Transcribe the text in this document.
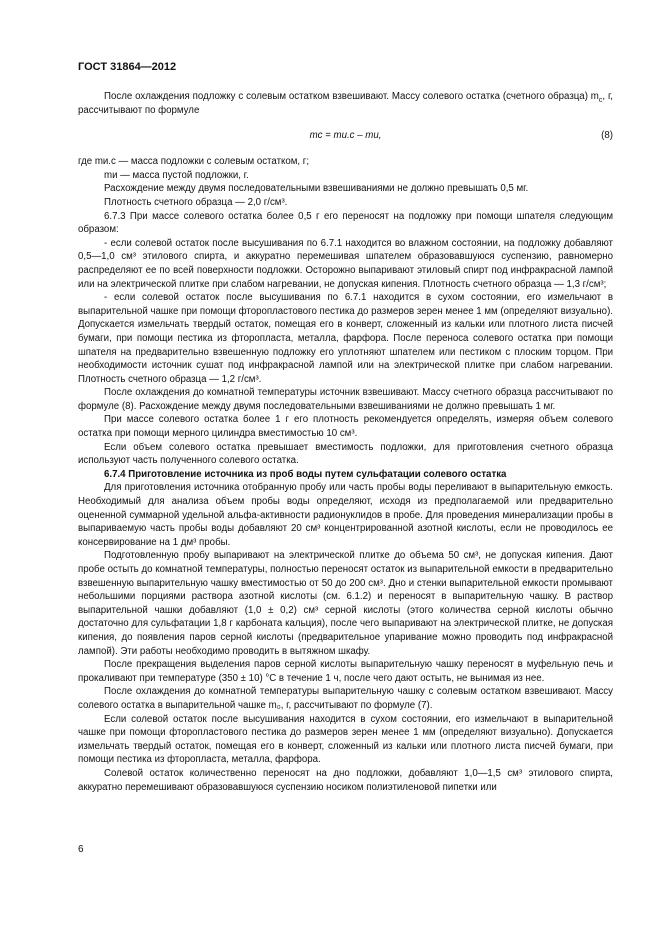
ГОСТ 31864—2012

После охлаждения подложку с солевым остатком взвешивают. Массу солевого остатка (счетного образца) $m_с$, г, рассчитывают по формуле

mс = mи.с – mи,	(8)

где mи.с — масса подложки с солевым остатком, г;

mи — масса пустой подложки, г.

Расхождение между двумя последовательными взвешиваниями не должно превышать 0,5 мг.

Плотность счетного образца — 2,0 г/см³.

6.7.3 При массе солевого остатка более 0,5 г его переносят на подложку при помощи шпателя следующим образом:

- если солевой остаток после высушивания по 6.7.1 находится во влажном состоянии, на подложку добавляют 0,5—1,0 см³ этилового спирта, и аккуратно перемешивая шпателем образовавшуюся суспензию, равномерно распределяют ее по всей поверхности подложки. Осторожно выпаривают этиловый спирт под инфракрасной лампой или на электрической плитке при слабом нагревании, не допуская кипения. Плотность счетного образца — 1,3 г/см³;

- если солевой остаток после высушивания по 6.7.1 находится в сухом состоянии, его измельчают в выпарительной чашке при помощи фторопластового пестика до размеров зерен менее 1 мм (определяют визуально). Допускается измельчать твердый остаток, помещая его в конверт, сложенный из кальки или плотного листа писчей бумаги, при помощи пестика из фторопласта, металла, фарфора. После переноса солевого остатка при помощи шпателя на предварительно взвешенную подложку его уплотняют шпателем или пестиком с плоским торцом. При необходимости источник сушат под инфракрасной лампой или на электрической плитке при слабом нагревании. Плотность счетного образца — 1,2 г/см³.

После охлаждения до комнатной температуры источник взвешивают. Массу счетного образца рассчитывают по формуле (8). Расхождение между двумя последовательными взвешиваниями не должно превышать 1 мг.

При массе солевого остатка более 1 г его плотность рекомендуется определять, измеряя объем солевого остатка при помощи мерного цилиндра вместимостью 10 см³.

Если объем солевого остатка превышает вместимость подложки, для приготовления счетного образца используют часть полученного солевого остатка.

6.7.4 Приготовление источника из проб воды путем сульфатации солевого остатка

Для приготовления источника отобранную пробу или часть пробы воды переливают в выпарительную емкость. Необходимый для анализа объем пробы воды определяют, исходя из предполагаемой или предварительно оцененной суммарной удельной альфа-активности радионуклидов в пробе. Для проведения минерализации пробы в выпариваемую часть пробы воды добавляют 20 см³ концентрированной азотной кислоты, если не проводилось ее консервирование на 1 дм³ пробы.

Подготовленную пробу выпаривают на электрической плитке до объема 50 см³, не допуская кипения. Дают пробе остыть до комнатной температуры, полностью переносят остаток из выпарительной емкости в предварительно взвешенную выпарительную чашку вместимостью от 50 до 200 см³. Дно и стенки выпарительной емкости промывают небольшими порциями раствора азотной кислоты (см. 6.1.2) и переносят в выпарительную чашку. В раствор выпарительной чашки добавляют (1,0 ± 0,2) см³ серной кислоты (этого количества серной кислоты обычно достаточно для сульфатации 1,8 г карбоната кальция), после чего выпаривают на электрической плитке, не допуская кипения, до появления паров серной кислоты (предварительное упаривание можно проводить под инфракрасной лампой). Эти работы необходимо проводить в вытяжном шкафу.

После прекращения выделения паров серной кислоты выпарительную чашку переносят в муфельную печь и прокаливают при температуре (350 ± 10) °С в течение 1 ч, после чего дают остыть, не вынимая из нее.

После охлаждения до комнатной температуры выпарительную чашку с солевым остатком взвешивают. Массу солевого остатка в выпарительной чашке m₀, г, рассчитывают по формуле (7).

Если солевой остаток после высушивания находится в сухом состоянии, его измельчают в выпарительной чашке при помощи фторопластового пестика до размеров зерен менее 1 мм (определяют визуально). Допускается измельчать твердый остаток, помещая его в конверт, сложенный из кальки или плотного листа писчей бумаги, при помощи пестика из фторопласта, металла, фарфора.

Солевой остаток количественно переносят на дно подложки, добавляют 1,0—1,5 см³ этилового спирта, аккуратно перемешивают образовавшуюся суспензию носиком полиэтиленовой пипетки или

6
